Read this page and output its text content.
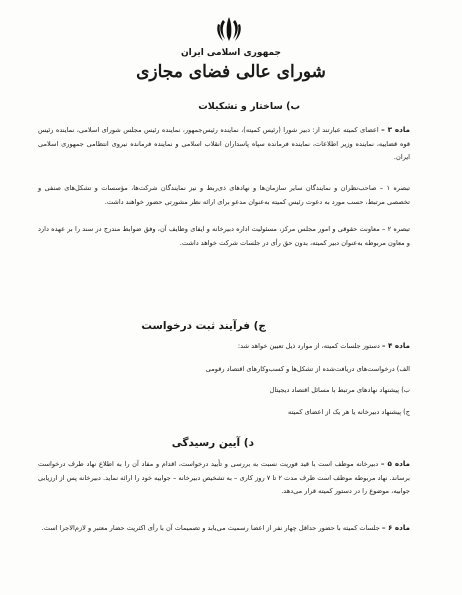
جمهوری اسلامی ایران
شورای عالی فضای مجازی
ب) ساختار و تشکیلات
ماده ۳ – اعضای کمیته عبارتند از: دبیر شورا (رئیس کمیته)، نماینده رئیس‌جمهور، نماینده رئیس مجلس شورای اسلامی، نماینده رئیس قوه قضاییه، نماینده وزیر اطلاعات، نماینده فرمانده سپاه پاسداران انقلاب اسلامی و نماینده فرمانده نیروی انتظامی جمهوری اسلامی ایران.
تبصره ۱ – صاحب‌نظران و نمایندگان سایر سازمان‌ها و نهادهای ذی‌ربط و نیز نمایندگان شرکت‌ها، مؤسسات و تشکل‌های صنفی و تخصصی مرتبط، حسب مورد به دعوت رئیس کمیته به‌عنوان مدعو برای ارائه نظر مشورتی حضور خواهند داشت.
تبصره ۲ – معاونت حقوقی و امور مجلس مرکز، مسئولیت اداره دبیرخانه و ایفای وظایف آن، وفق ضوابط مندرج در سند را بر عهده دارد و معاون مربوطه به‌عنوان دبیر کمیته، بدون حق رأی در جلسات شرکت خواهد داشت.
ج) فرآیند ثبت درخواست
ماده ۴ – دستور جلسات کمیته، از موارد ذیل تعیین خواهد شد:
الف) درخواست‌های دریافت‌شده از تشکل‌ها و کسب‌وکارهای اقتصاد رقومی
ب) پیشنهاد نهادهای مرتبط با مسائل اقتصاد دیجیتال
ج) پیشنهاد دبیرخانه یا هر یک از اعضای کمیته
د) آیین رسیدگی
ماده ۵ – دبیرخانه موظف است با قید فوریت نسبت به بررسی و تأیید درخواست، اقدام و مفاد آن را به اطلاع نهاد طرف درخواست برساند. نهاد مربوطه موظف است ظرف مدت ۲ تا ۷ روز کاری – به تشخیص دبیرخانه – جوابیه خود را ارائه نماید. دبیرخانه پس از ارزیابی جوابیه، موضوع را در دستور کمیته قرار می‌دهد.
ماده ۶ – جلسات کمیته با حضور حداقل چهار نفر از اعضا رسمیت می‌یابد و تصمیمات آن با رأی اکثریت حضار معتبر و لازم‌الاجرا است.
